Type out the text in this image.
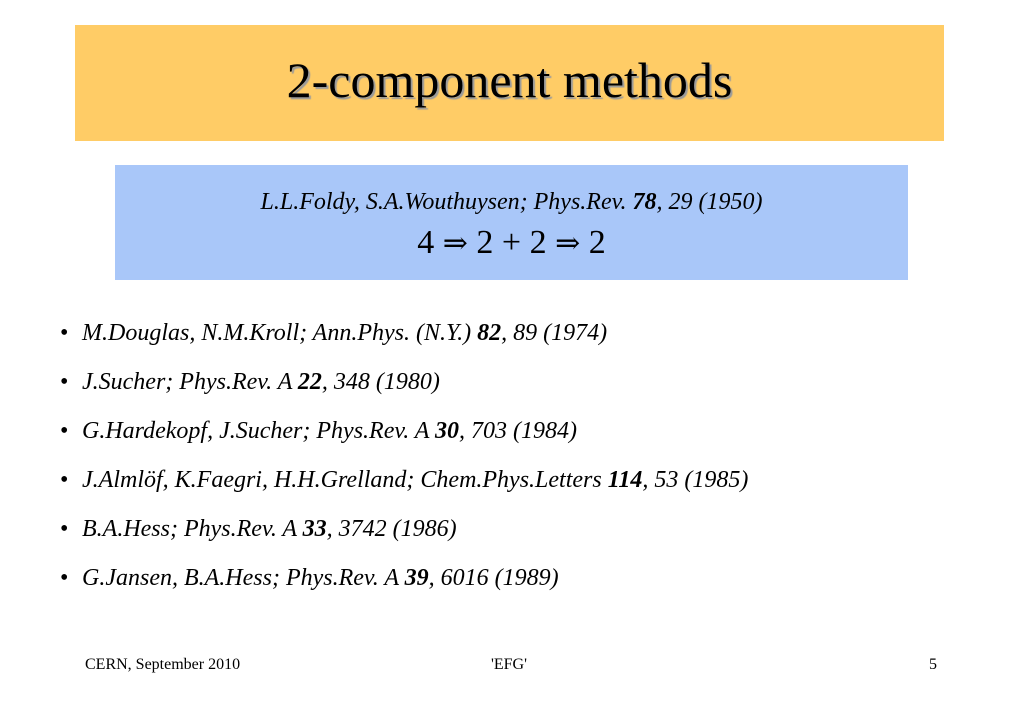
2-component methods
L.L.Foldy, S.A.Wouthuysen; Phys.Rev. 78, 29 (1950)
4 ⇒ 2 + 2 ⇒ 2
• M.Douglas, N.M.Kroll; Ann.Phys. (N.Y.) 82, 89 (1974)
• J.Sucher; Phys.Rev. A 22, 348 (1980)
• G.Hardekopf, J.Sucher; Phys.Rev. A 30, 703 (1984)
• J.Almlöf, K.Faegri, H.H.Grelland; Chem.Phys.Letters 114, 53 (1985)
• B.A.Hess; Phys.Rev. A 33, 3742 (1986)
• G.Jansen, B.A.Hess; Phys.Rev. A 39, 6016 (1989)
CERN, September 2010	'EFG'	5
